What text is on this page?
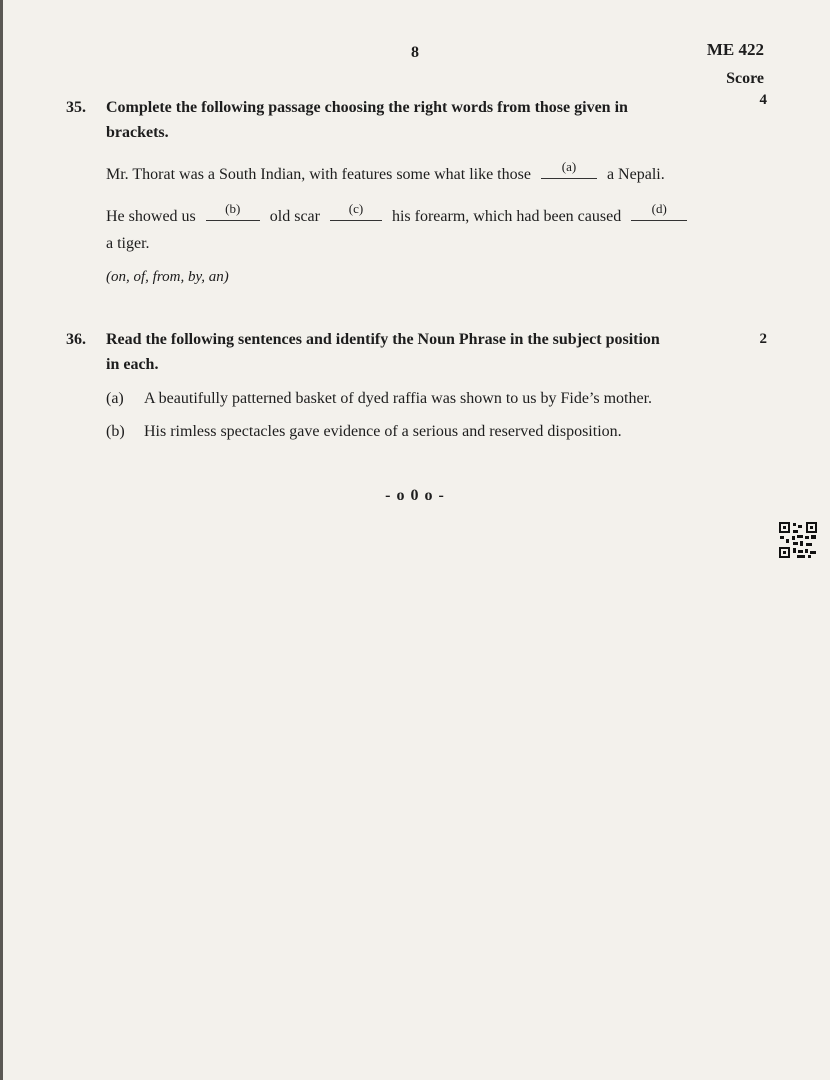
8	ME 422
Score
35. Complete the following passage choosing the right words from those given in
brackets.
4
Mr. Thorat was a South Indian, with features some what like those	(a)	a Nepali.
He showed us	(b)	old scar	(c)	his forearm, which had been caused	(d)
a tiger.
(on, of, from, by, an)
36. Read the following sentences and identify the Noun Phrase in the subject position
in each.
2
(a) A beautifully patterned basket of dyed raffia was shown to us by Fide’s mother.
(b) His rimless spectacles gave evidence of a serious and reserved disposition.
- o 0 o -
